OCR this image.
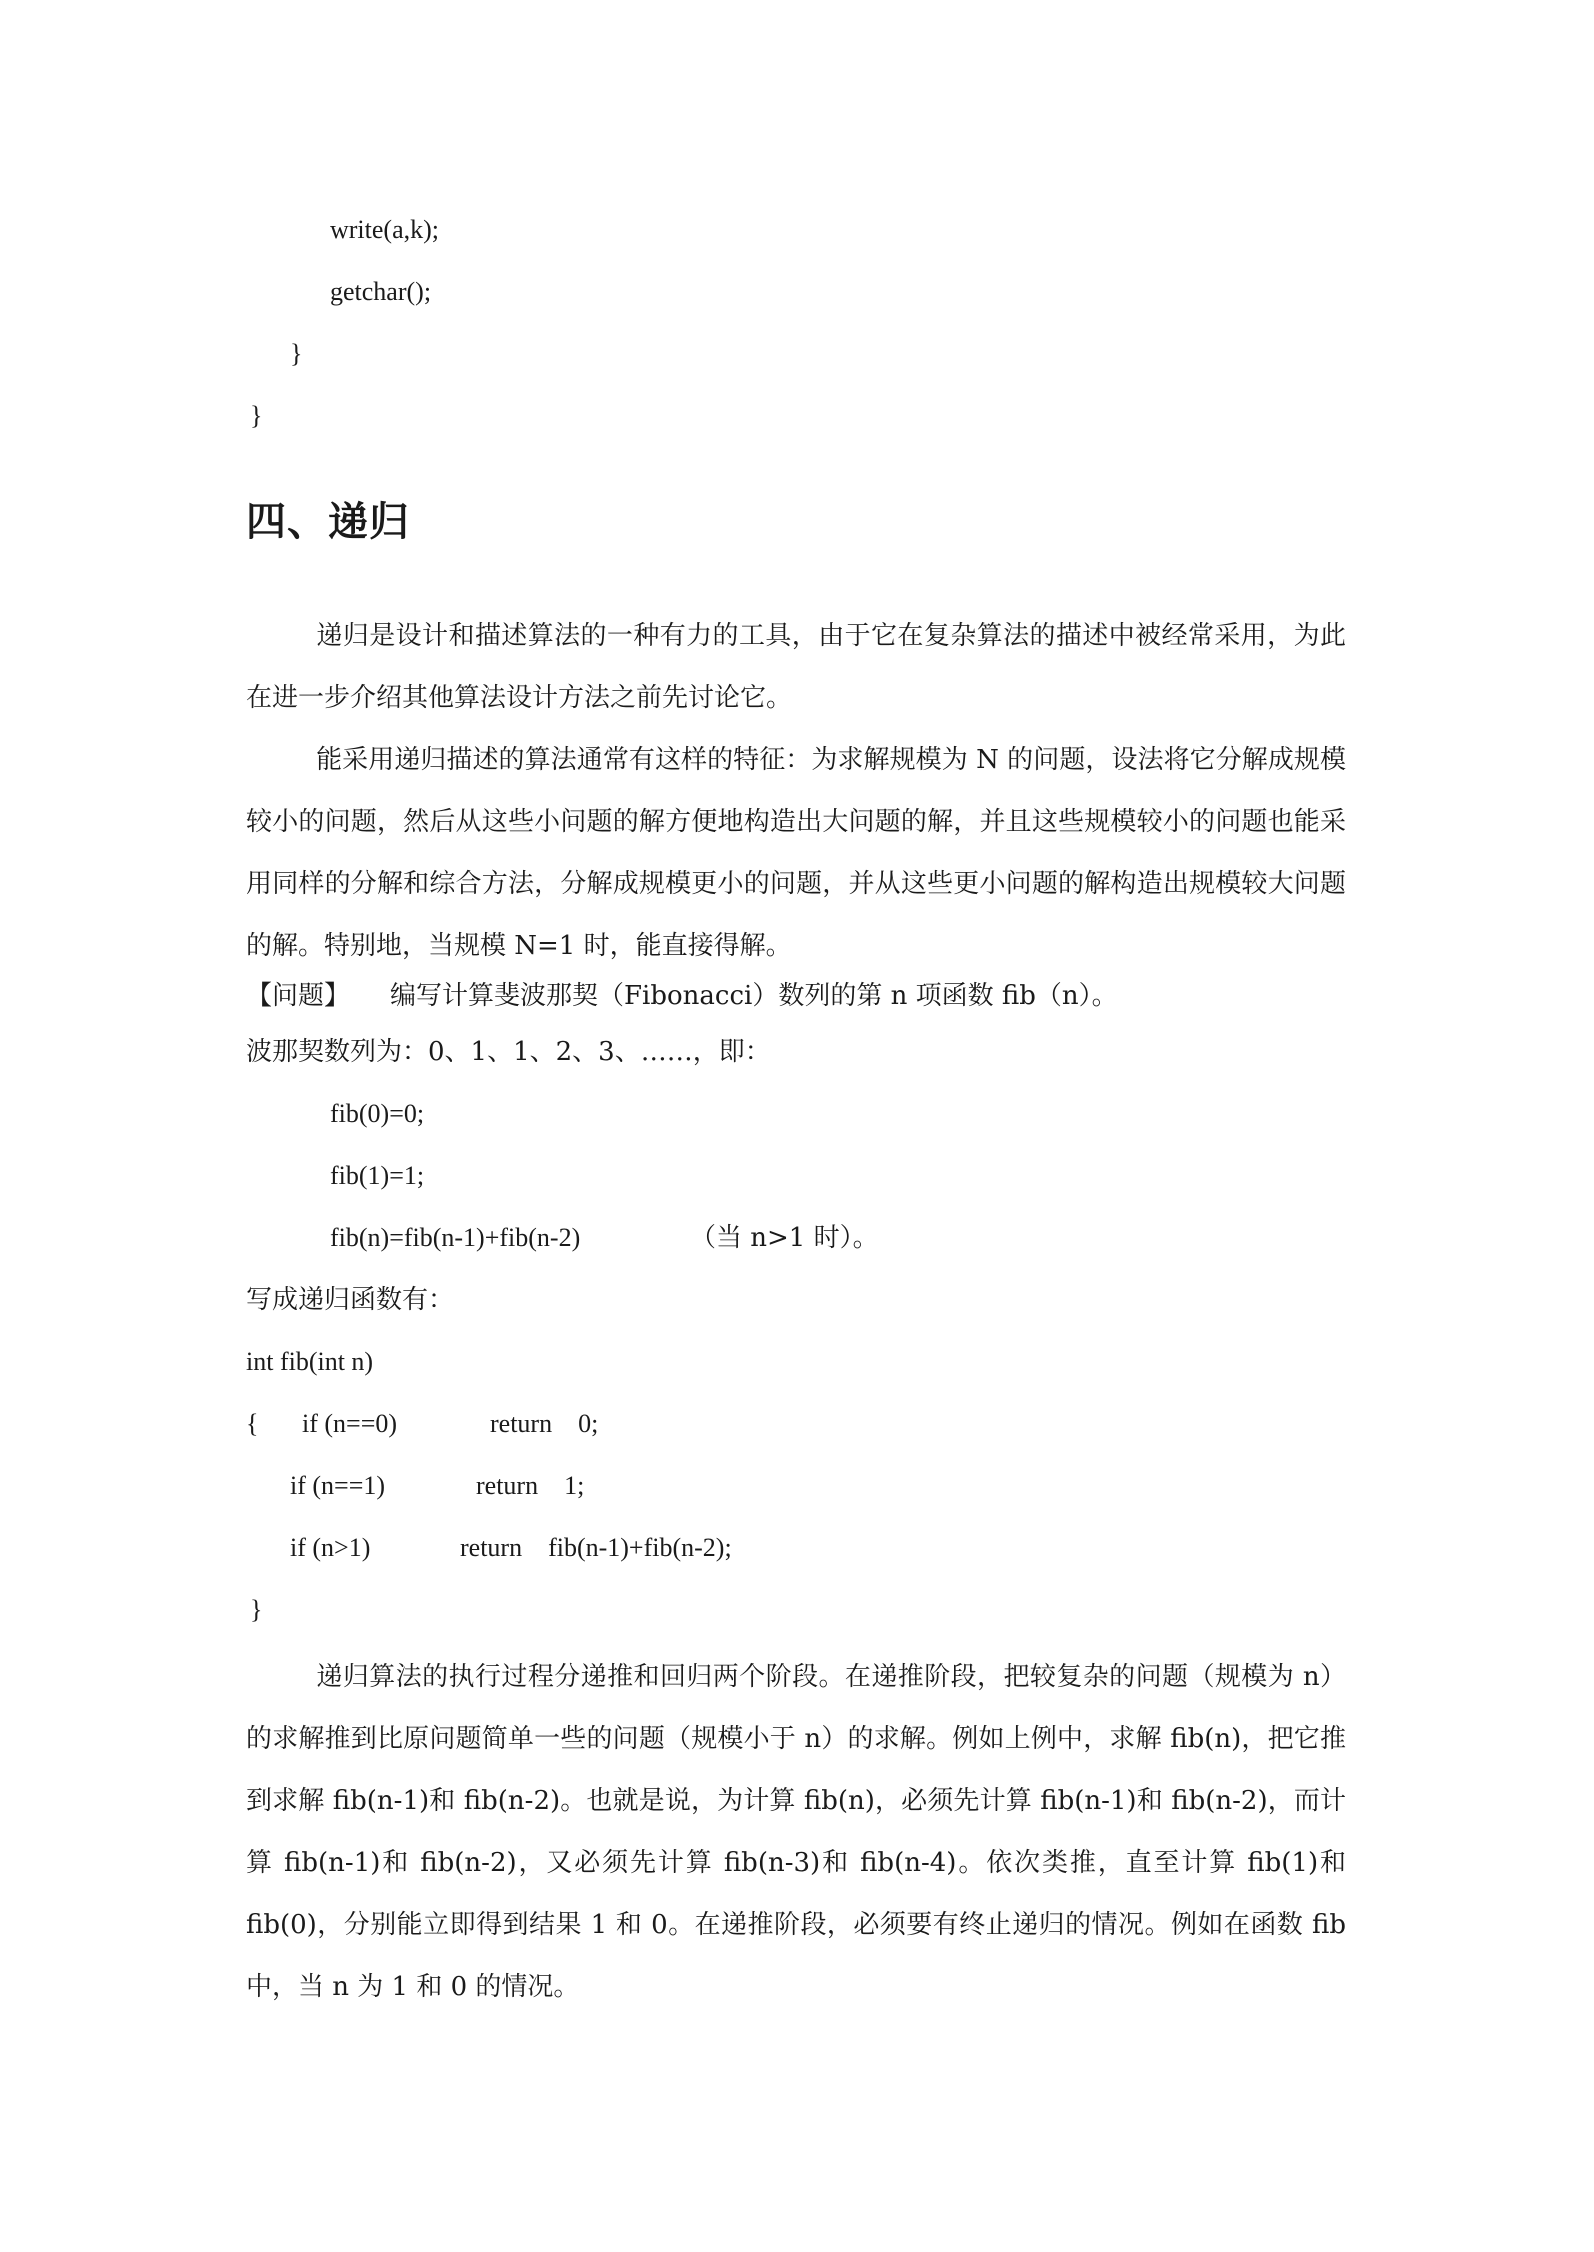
write(a,k);
getchar();
}
}
四、递归

递归是设计和描述算法的一种有力的工具，由于它在复杂算法的描述中被经常采用，为此在进一步介绍其他算法设计方法之前先讨论它。

能采用递归描述的算法通常有这样的特征：为求解规模为 N 的问题，设法将它分解成规模较小的问题，然后从这些小问题的解方便地构造出大问题的解，并且这些规模较小的问题也能采用同样的分解和综合方法，分解成规模更小的问题，并从这些更小问题的解构造出规模较大问题的解。特别地，当规模 N=1 时，能直接得解。

【问题】 编写计算斐波那契（Fibonacci）数列的第 n 项函数 fib（n）。
波那契数列为：0、1、1、2、3、……，即：
fib(0)=0;
fib(1)=1;
fib(n)=fib(n-1)+fib(n-2)	（当 n>1 时）。
写成递归函数有：
int fib(int n)
{ if (n==0)	return    0;
if (n==1)	return    1;
if (n>1)	return    fib(n-1)+fib(n-2);
}

递归算法的执行过程分递推和回归两个阶段。在递推阶段，把较复杂的问题（规模为 n）的求解推到比原问题简单一些的问题（规模小于 n）的求解。例如上例中，求解 fib(n)，把它推到求解 fib(n-1)和 fib(n-2)。也就是说，为计算 fib(n)，必须先计算 fib(n-1)和 fib(n-2)，而计算 fib(n-1)和 fib(n-2)，又必须先计算 fib(n-3)和 fib(n-4)。依次类推，直至计算 fib(1)和 fib(0)，分别能立即得到结果 1 和 0。在递推阶段，必须要有终止递归的情况。例如在函数 fib 中，当 n 为 1 和 0 的情况。
